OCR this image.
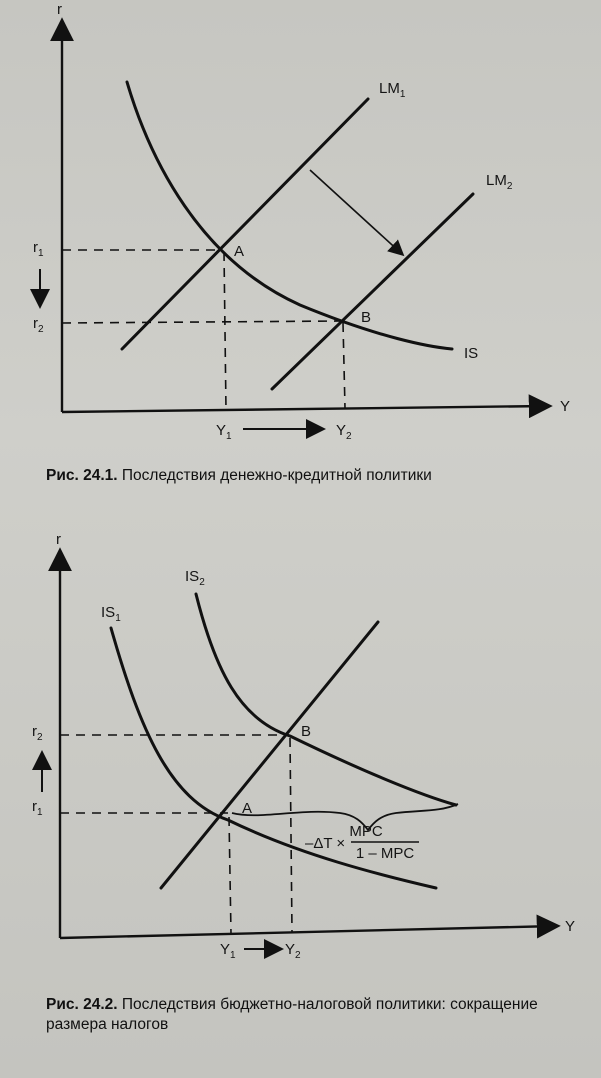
r
Y
$LM_1$
$LM_2$
IS
A
B
$r_1$
$r_2$
$Y_1$	$Y_2$
Рис. 24.1. Последствия денежно-кредитной политики
r
Y
$IS_1$
$IS_2$
B
A
–ΔT ×
MPC
1 – MPC
$r_2$
$r_1$
$Y_1$	$Y_2$
Рис. 24.2. Последствия бюджетно-налоговой политики: сокращение размера налогов
